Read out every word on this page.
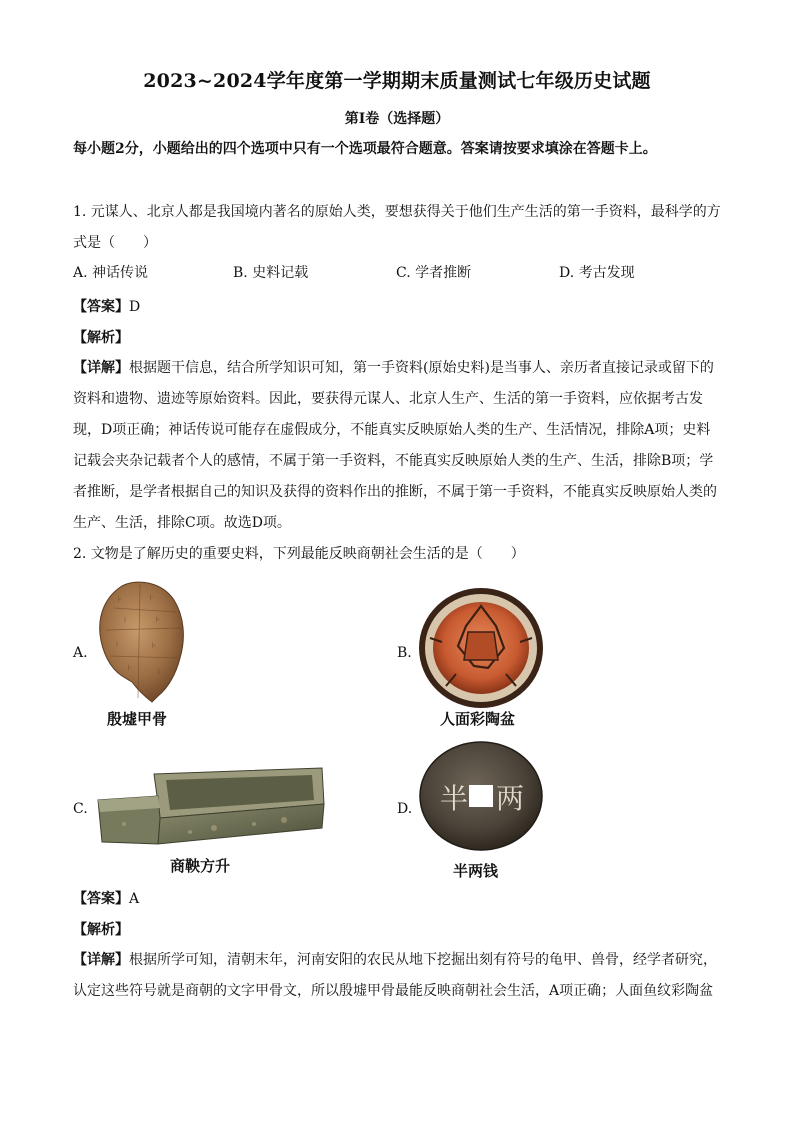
2023~2024学年度第一学期期末质量测试七年级历史试题
第Ⅰ卷（选择题）
每小题2分，小题给出的四个选项中只有一个选项最符合题意。答案请按要求填涂在答题卡上。
1. 元谋人、北京人都是我国境内著名的原始人类，要想获得关于他们生产生活的第一手资料，最科学的方
式是（　　）
A. 神话传说	B. 史料记载	C. 学者推断	D. 考古发现
【答案】D
【解析】
【详解】根据题干信息，结合所学知识可知，第一手资料(原始史料)是当事人、亲历者直接记录或留下的
资料和遗物、遗迹等原始资料。因此，要获得元谋人、北京人生产、生活的第一手资料，应依据考古发
现，D项正确；神话传说可能存在虚假成分，不能真实反映原始人类的生产、生活情况，排除A项；史料
记载会夹杂记载者个人的感情，不属于第一手资料，不能真实反映原始人类的生产、生活，排除B项；学
者推断，是学者根据自己的知识及获得的资料作出的推断，不属于第一手资料，不能真实反映原始人类的
生产、生活，排除C项。故选D项。
2. 文物是了解历史的重要史料，下列最能反映商朝社会生活的是（　　）
A.
⺊	⺊
丨	卜
丨	卜
⺊
丨
殷墟甲骨
B.
人面彩陶盆
C.
商鞅方升
D. 半 两
半两钱
【答案】A
【解析】
【详解】根据所学可知，清朝末年，河南安阳的农民从地下挖掘出刻有符号的龟甲、兽骨，经学者研究，
认定这些符号就是商朝的文字甲骨文，所以殷墟甲骨最能反映商朝社会生活，A项正确；人面鱼纹彩陶盆
